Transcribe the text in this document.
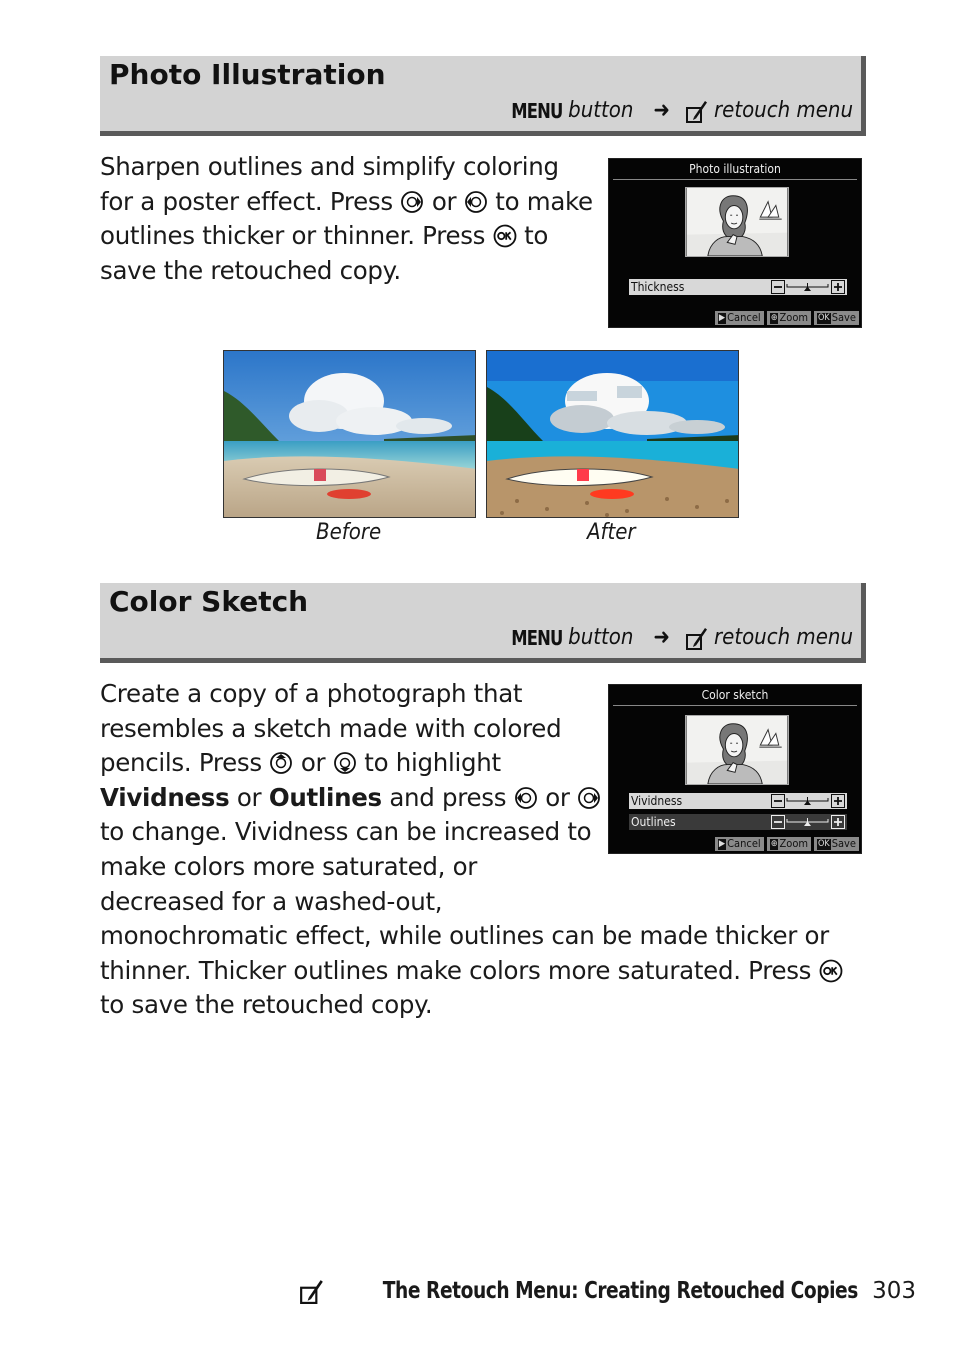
Photo Illustration
MENU button ➜ retouch menu
Sharpen outlines and simplify coloring
for a poster effect. Press  or  to make
outlines thicker or thinner. Press  to
save the retouched copy.
Photo illustration
Thickness
▶ Cancel ⊕ Zoom OK Save
Before	After
Color Sketch
MENU button ➜ retouch menu
Create a copy of a photograph that
resembles a sketch made with colored
pencils. Press  or  to highlight
Vividness or Outlines and press  or
to change. Vividness can be increased to
make colors more saturated, or
decreased for a washed-out,
monochromatic effect, while outlines can be made thicker or
thinner. Thicker outlines make colors more saturated. Press
to save the retouched copy.
Color sketch
Vividness
Outlines
▶ Cancel ⊕ Zoom OK Save
The Retouch Menu: Creating Retouched Copies 303
